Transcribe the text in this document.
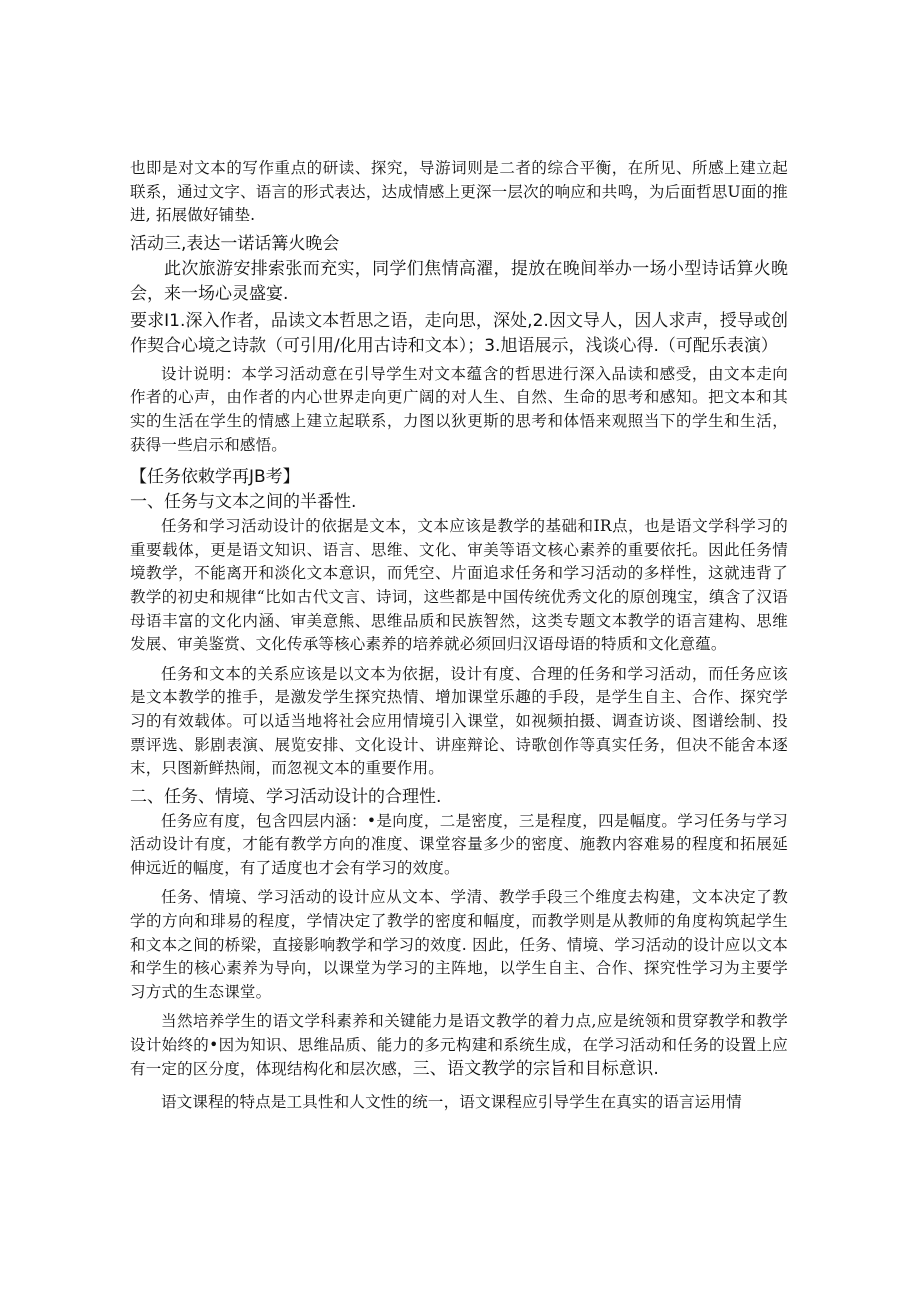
也即是对文本的写作重点的研读、探究，导游词则是二者的综合平衡，在所见、所感上建立起联系，通过文字、语言的形式表达，达成情感上更深一层次的响应和共鸣，为后面哲思U面的推进, 拓展做好铺垫.

活动三,表达一诺话篝火晚会

此次旅游安排索张而充实，同学们焦情高濯，提放在晚间举办一场小型诗话算火晚会，来一场心灵盛宴.

要求I1.深入作者，品读文本哲思之语，走向思，深处,2.因文导人，因人求声，授导或创作契合心境之诗款（可引用/化用古诗和文本）；3.旭语展示，浅谈心得.（可配乐表演）

设计说明：本学习活动意在引导学生对文本蕴含的哲思进行深入品读和感受，由文本走向作者的心声，由作者的内心世界走向更广阔的对人生、自然、生命的思考和感知。把文本和其实的生活在学生的情感上建立起联系，力图以狄更斯的思考和体悟来观照当下的学生和生活，获得一些启示和感悟。

【任务依敕学再JB考】

一、任务与文本之间的半番性.

任务和学习活动设计的依据是文本，文本应该是教学的基础和IR点，也是语文学科学习的重要载体，更是语文知识、语言、思维、文化、审美等语文核心素养的重要依托。因此任务情境教学，不能离开和淡化文本意识，而凭空、片面追求任务和学习活动的多样性，这就违背了教学的初史和规律“比如古代文言、诗词，这些都是中国传统优秀文化的原创瑰宝，缜含了汉语母语丰富的文化内涵、审美意熊、思维品质和民族智然，这类专题文本教学的语言建构、思维发展、审美鉴赏、文化传承等核心素养的培养就必须回归汉语母语的特质和文化意蕴。

任务和文本的关系应该是以文本为依据，设计有度、合理的任务和学习活动，而任务应该是文本教学的推手，是激发学生探究热情、增加课堂乐趣的手段，是学生自主、合作、探究学习的有效载体。可以适当地将社会应用情境引入课堂，如视频拍摄、调查访谈、图谱绘制、投票评选、影剧表演、展览安排、文化设计、讲座辩论、诗歌创作等真实任务，但决不能舍本逐末，只图新鲜热闹，而忽视文本的重要作用。

二、任务、情境、学习活动设计的合理性.

任务应有度，包含四层内涵：•是向度，二是密度，三是程度，四是幅度。学习任务与学习活动设计有度，才能有教学方向的准度、课堂容量多少的密度、施教内容难易的程度和拓展延伸远近的幅度，有了适度也才会有学习的效度。

任务、情境、学习活动的设计应从文本、学清、教学手段三个维度去构建，文本决定了教学的方向和琲易的程度，学情决定了教学的密度和幅度，而教学则是从教师的角度构筑起学生和文本之间的桥梁，直接影响教学和学习的效度. 因此，任务、情境、学习活动的设计应以文本和学生的核心素养为导向，以课堂为学习的主阵地，以学生自主、合作、探究性学习为主要学习方式的生态课堂。

当然培养学生的语文学科素养和关键能力是语文教学的着力点,应是统领和贯穿教学和教学设计始终的•因为知识、思维品质、能力的多元构建和系统生成，在学习活动和任务的设置上应有一定的区分度，体现结构化和层次感，三、语文教学的宗旨和目标意识.

语文课程的特点是工具性和人文性的统一，语文课程应引导学生在真实的语言运用情
